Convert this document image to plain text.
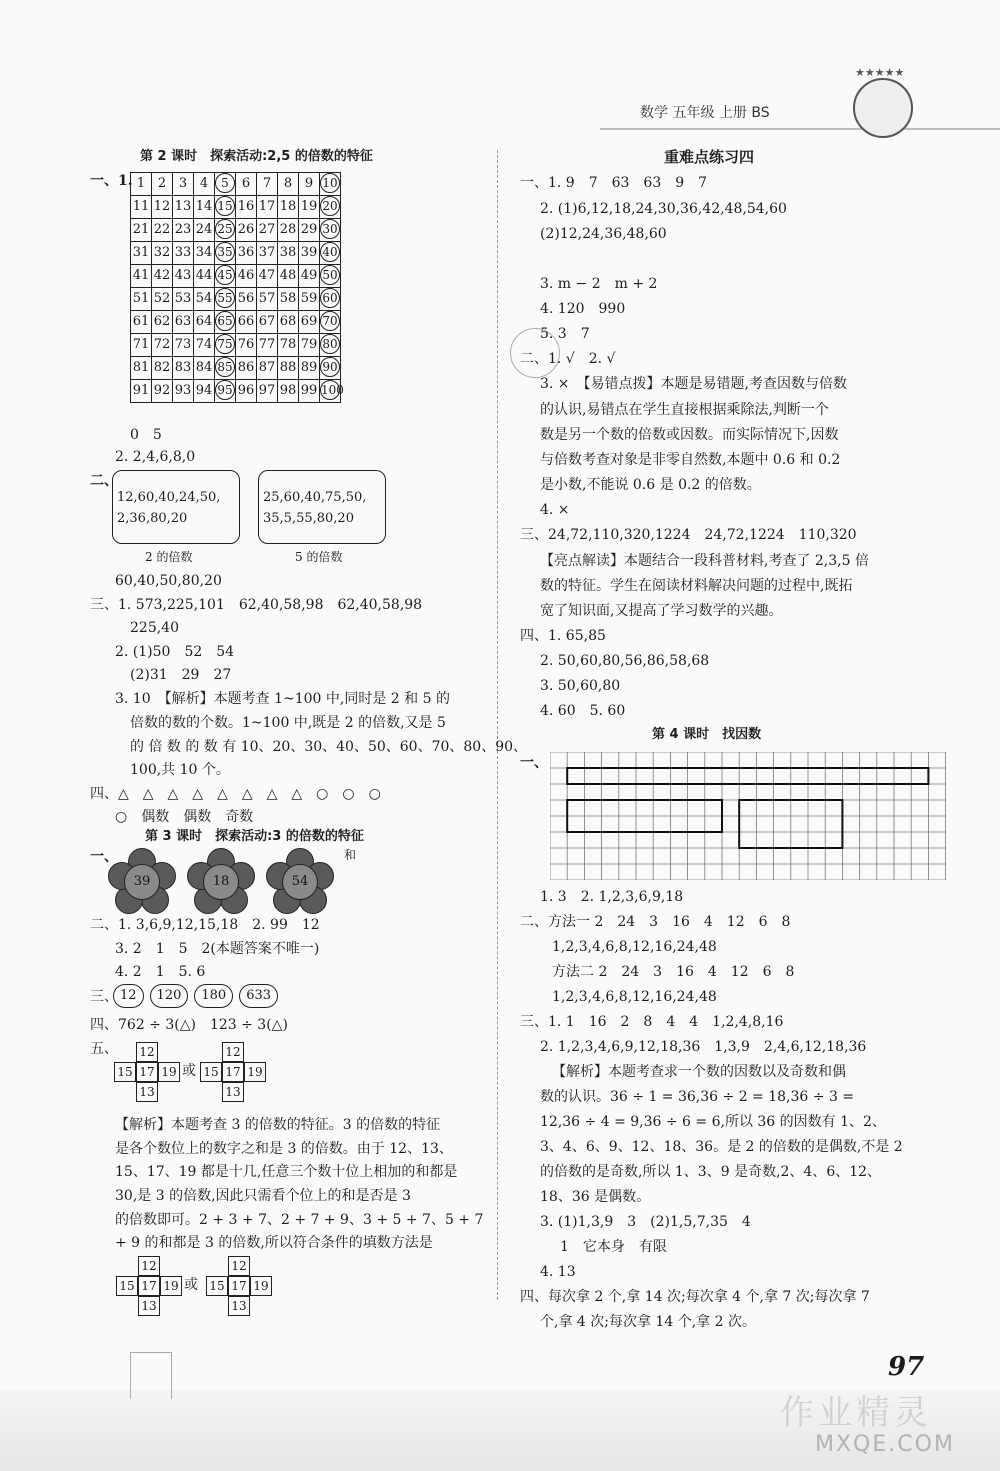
数学 五年级 上册 BS
★★★★★
第 2 课时　探索活动:2,5 的倍数的特征
一、1. 1	2	3	4	5	6	7	8	9	10
11	12	13	14	15	16	17	18	19	20
21	22	23	24	25	26	27	28	29	30
31	32	33	34	35	36	37	38	39	40
41	42	43	44	45	46	47	48	49	50
51	52	53	54	55	56	57	58	59	60
61	62	63	64	65	66	67	68	69	70
71	72	73	74	75	76	77	78	79	80
81	82	83	84	85	86	87	88	89	90
91	92	93	94	95	96	97	98	99	100
0　5
2. 2,4,6,8,0
二、
12,60,40,24,50,
2,36,80,20
2 的倍数
25,60,40,75,50,
35,5,55,80,20
5 的倍数
60,40,50,80,20
三、1. 573,225,101　62,40,58,98　62,40,58,98
225,40
2. (1)50　52　54
(2)31　29　27
3. 10　【解析】本题考查 1~100 中,同时是 2 和 5 的
倍数的数的个数。1~100 中,既是 2 的倍数,又是 5
的 倍 数 的 数 有 10、20、30、40、50、60、70、80、90、
100,共 10 个。
四、△　△　△　△　△　△　△　△　○　○　○
○　偶数　偶数　奇数
第 3 课时　探索活动:3 的倍数的特征
一、
39	18	54
和
二、1. 3,6,9,12,15,18　2. 99　12
3. 2　1　5　2(本题答案不唯一)
4. 2　1　5. 6
三、 12 120 180 633
四、762 ÷ 3(△)　123 ÷ 3(△)
五、 12
15 17 19
13
或
12
15 17 19
13
【解析】本题考查 3 的倍数的特征。3 的倍数的特征
是各个数位上的数字之和是 3 的倍数。由于 12、13、
15、17、19 都是十几,任意三个数十位上相加的和都是
30,是 3 的倍数,因此只需看个位上的和是否是 3
的倍数即可。2 + 3 + 7、2 + 7 + 9、3 + 5 + 7、5 + 7
+ 9 的和都是 3 的倍数,所以符合条件的填数方法是
12
15 17 19
13
或
12
15 17 19
13
重难点练习四
一、1. 9　7　63　63　9　7
2. (1)6,12,18,24,30,36,42,48,54,60
(2)12,24,36,48,60
3. m − 2　m + 2
4. 120　990
5. 3　7
二、1. √　2. √
3. ×　【易错点拨】本题是易错题,考查因数与倍数
的认识,易错点在学生直接根据乘除法,判断一个
数是另一个数的倍数或因数。而实际情况下,因数
与倍数考查对象是非零自然数,本题中 0.6 和 0.2
是小数,不能说 0.6 是 0.2 的倍数。
4. ×
三、24,72,110,320,1224　24,72,1224　110,320
【亮点解读】本题结合一段科普材料,考查了 2,3,5 倍
数的特征。学生在阅读材料解决问题的过程中,既拓
宽了知识面,又提高了学习数学的兴趣。
四、1. 65,85
2. 50,60,80,56,86,58,68
3. 50,60,80
4. 60　5. 60
第 4 课时　找因数
一、
1. 3　2. 1,2,3,6,9,18
二、方法一 2　24　3　16　4　12　6　8
1,2,3,4,6,8,12,16,24,48
方法二 2　24　3　16　4　12　6　8
1,2,3,4,6,8,12,16,24,48
三、1. 1　16　2　8　4　4　1,2,4,8,16
2. 1,2,3,4,6,9,12,18,36　1,3,9　2,4,6,12,18,36
【解析】本题考查求一个数的因数以及奇数和偶
数的认识。36 ÷ 1 = 36,36 ÷ 2 = 18,36 ÷ 3 =
12,36 ÷ 4 = 9,36 ÷ 6 = 6,所以 36 的因数有 1、2、
3、4、6、9、12、18、36。是 2 的倍数的是偶数,不是 2
的倍数的是奇数,所以 1、3、9 是奇数,2、4、6、12、
18、36 是偶数。
3. (1)1,3,9　3　(2)1,5,7,35　4
1　它本身　有限
4. 13
四、每次拿 2 个,拿 14 次;每次拿 4 个,拿 7 次;每次拿 7
个,拿 4 次;每次拿 14 个,拿 2 次。
97
作业精灵
MXQE.COM
